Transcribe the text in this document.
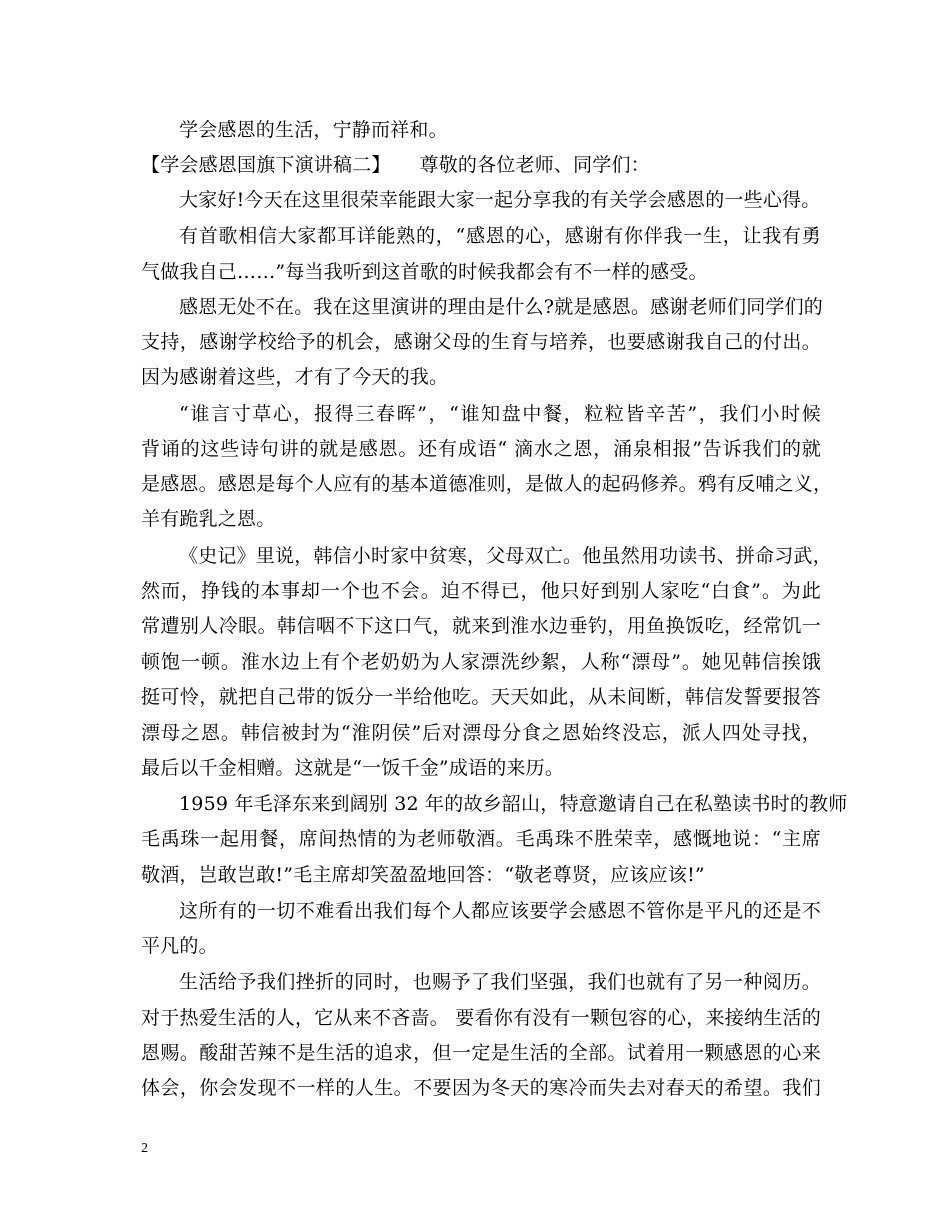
学会感恩的生活，宁静而祥和。
【学会感恩国旗下演讲稿二】　　尊敬的各位老师、同学们：
大家好!今天在这里很荣幸能跟大家一起分享我的有关学会感恩的一些心得。
有首歌相信大家都耳详能熟的，“感恩的心，感谢有你伴我一生，让我有勇
气做我自己……”每当我听到这首歌的时候我都会有不一样的感受。
感恩无处不在。我在这里演讲的理由是什么?就是感恩。感谢老师们同学们的
支持，感谢学校给予的机会，感谢父母的生育与培养，也要感谢我自己的付出。
因为感谢着这些，才有了今天的我。
“谁言寸草心，报得三春晖”，“谁知盘中餐，粒粒皆辛苦”，我们小时候
背诵的这些诗句讲的就是感恩。还有成语“ 滴水之恩，涌泉相报”告诉我们的就
是感恩。感恩是每个人应有的基本道德准则，是做人的起码修养。鸦有反哺之义，
羊有跪乳之恩。
《史记》里说，韩信小时家中贫寒，父母双亡。他虽然用功读书、拼命习武，
然而，挣钱的本事却一个也不会。迫不得已，他只好到别人家吃“白食”。为此
常遭别人冷眼。韩信咽不下这口气，就来到淮水边垂钓，用鱼换饭吃，经常饥一
顿饱一顿。淮水边上有个老奶奶为人家漂洗纱絮，人称“漂母”。她见韩信挨饿
挺可怜，就把自己带的饭分一半给他吃。天天如此，从未间断，韩信发誓要报答
漂母之恩。韩信被封为“淮阴侯”后对漂母分食之恩始终没忘，派人四处寻找，
最后以千金相赠。这就是“一饭千金”成语的来历。
1959 年毛泽东来到阔别 32 年的故乡韶山，特意邀请自己在私塾读书时的教师
毛禹珠一起用餐，席间热情的为老师敬酒。毛禹珠不胜荣幸，感慨地说：“主席
敬酒，岂敢岂敢!”毛主席却笑盈盈地回答：“敬老尊贤，应该应该!”
这所有的一切不难看出我们每个人都应该要学会感恩不管你是平凡的还是不
平凡的。
生活给予我们挫折的同时，也赐予了我们坚强，我们也就有了另一种阅历。
对于热爱生活的人，它从来不吝啬。 要看你有没有一颗包容的心，来接纳生活的
恩赐。酸甜苦辣不是生活的追求，但一定是生活的全部。试着用一颗感恩的心来
体会，你会发现不一样的人生。不要因为冬天的寒冷而失去对春天的希望。我们
2
